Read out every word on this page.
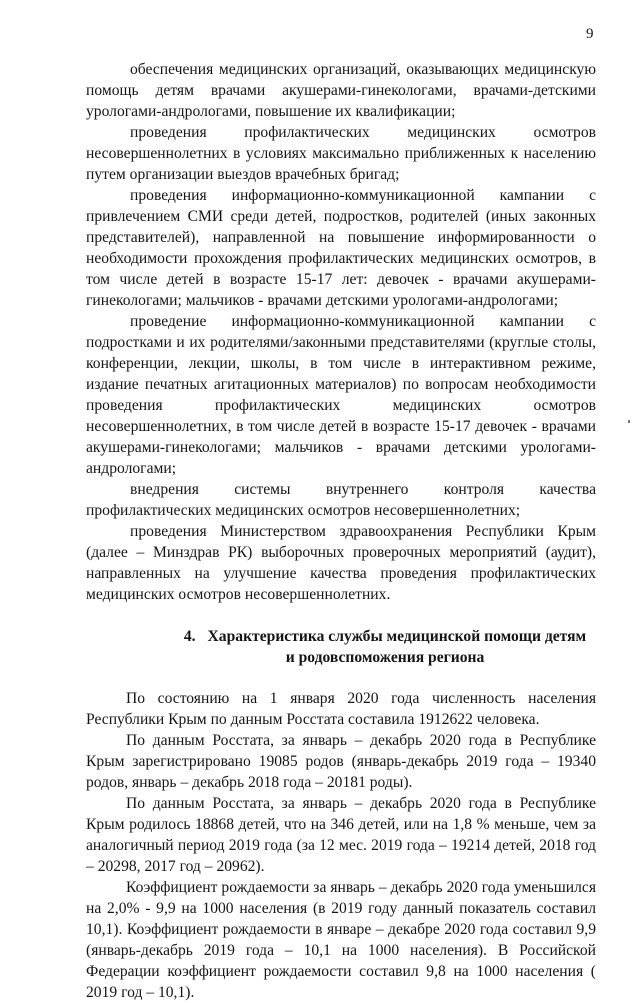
9

обеспечения медицинских организаций, оказывающих медицинскую помощь детям врачами акушерами-гинекологами, врачами-детскими урологами-андрологами, повышение их квалификации;

проведения профилактических медицинских осмотров несовершеннолетних в условиях максимально приближенных к населению путем организации выездов врачебных бригад;

проведения информационно-коммуникационной кампании с привлечением СМИ среди детей, подростков, родителей (иных законных представителей), направленной на повышение информированности о необходимости прохождения профилактических медицинских осмотров, в том числе детей в возрасте 15-17 лет: девочек - врачами акушерами-гинекологами; мальчиков - врачами детскими урологами-андрологами;

проведение информационно-коммуникационной кампании с подростками и их родителями/законными представителями (круглые столы, конференции, лекции, школы, в том числе в интерактивном режиме, издание печатных агитационных материалов) по вопросам необходимости проведения профилактических медицинских осмотров несовершеннолетних, в том числе детей в возрасте 15-17 девочек - врачами акушерами-гинекологами; мальчиков - врачами детскими урологами-андрологами;

внедрения системы внутреннего контроля качества профилактических медицинских осмотров несовершеннолетних;

проведения Министерством здравоохранения Республики Крым (далее – Минздрав РК) выборочных проверочных мероприятий (аудит), направленных на улучшение качества проведения профилактических медицинских осмотров несовершеннолетних.

4. Характеристика службы медицинской помощи детям и родовспоможения региона

По состоянию на 1 января 2020 года численность населения Республики Крым по данным Росстата составила 1912622 человека.

По данным Росстата, за январь – декабрь 2020 года в Республике Крым зарегистрировано 19085 родов (январь-декабрь 2019 года – 19340 родов, январь – декабрь 2018 года – 20181 роды).

По данным Росстата, за январь – декабрь 2020 года в Республике Крым родилось 18868 детей, что на 346 детей, или на 1,8 % меньше, чем за аналогичный период 2019 года (за 12 мес. 2019 года – 19214 детей, 2018 год – 20298, 2017 год – 20962).

Коэффициент рождаемости за январь – декабрь 2020 года уменьшился на 2,0% - 9,9 на 1000 населения (в 2019 году данный показатель составил 10,1). Коэффициент рождаемости в январе – декабре 2020 года составил 9,9 (январь-декабрь 2019 года – 10,1 на 1000 населения). В Российской Федерации коэффициент рождаемости составил 9,8 на 1000 населения ( 2019 год – 10,1).
